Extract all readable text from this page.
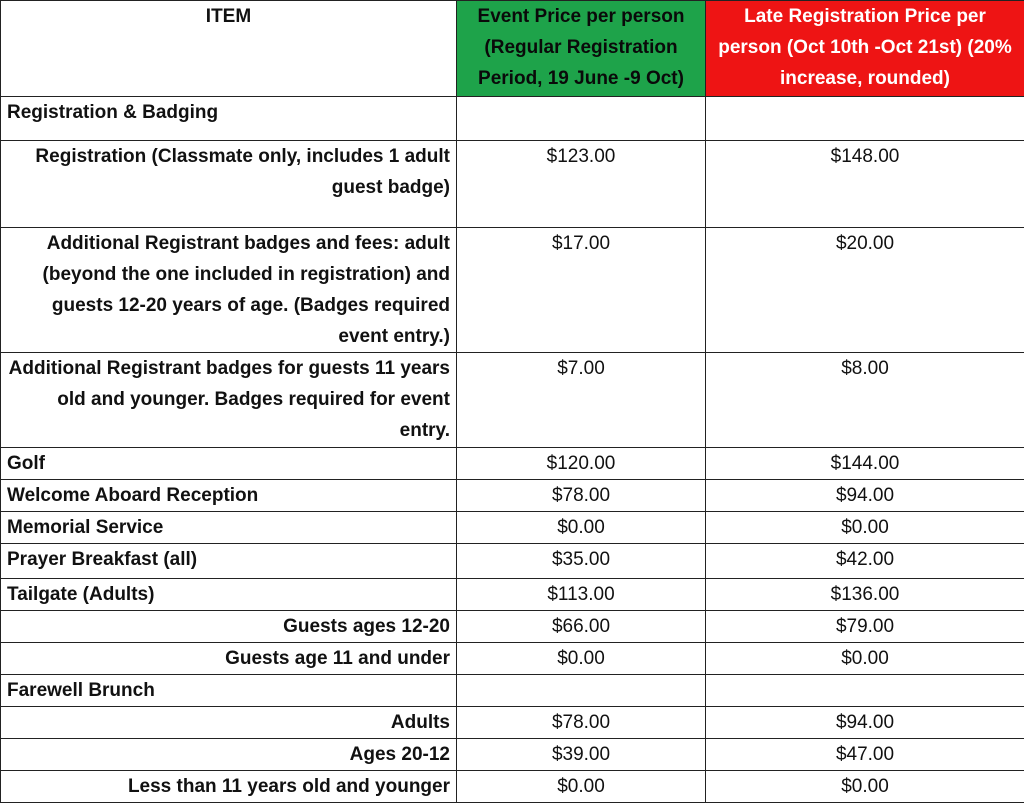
ITEM	Event Price per person (Regular Registration Period, 19 June -9 Oct)	Late Registration Price per person (Oct 10th -Oct 21st) (20% increase, rounded)
Registration & Badging		
Registration (Classmate only, includes 1 adult guest badge)	$123.00	$148.00
Additional Registrant badges and fees: adult (beyond the one included in registration) and guests 12-20 years of age. (Badges required event entry.)	$17.00	$20.00
Additional Registrant badges for guests 11 years old and younger. Badges required for event entry.	$7.00	$8.00
Golf	$120.00	$144.00
Welcome Aboard Reception	$78.00	$94.00
Memorial Service	$0.00	$0.00
Prayer Breakfast (all)	$35.00	$42.00
Tailgate (Adults)	$113.00	$136.00
Guests ages 12-20	$66.00	$79.00
Guests age 11 and under	$0.00	$0.00
Farewell Brunch		
Adults	$78.00	$94.00
Ages 20-12	$39.00	$47.00
Less than 11 years old and younger	$0.00	$0.00
